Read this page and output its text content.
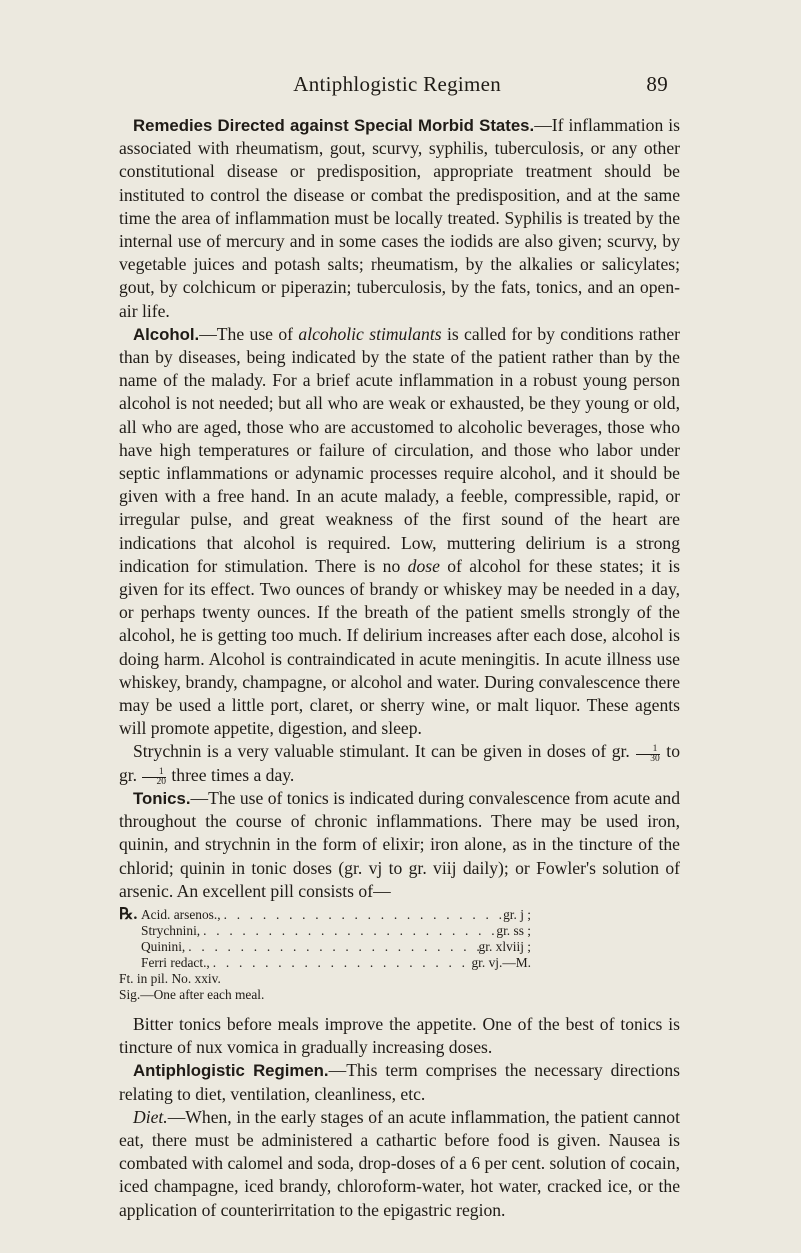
Antiphlogistic Regimen	89

Remedies Directed against Special Morbid States.—If inflammation is associated with rheumatism, gout, scurvy, syphilis, tuberculosis, or any other constitutional disease or predisposition, appropriate treatment should be instituted to control the disease or combat the predisposition, and at the same time the area of inflammation must be locally treated. Syphilis is treated by the internal use of mercury and in some cases the iodids are also given; scurvy, by vegetable juices and potash salts; rheumatism, by the alkalies or salicylates; gout, by colchicum or piperazin; tuberculosis, by the fats, tonics, and an open-air life.

Alcohol.—The use of alcoholic stimulants is called for by conditions rather than by diseases, being indicated by the state of the patient rather than by the name of the malady. For a brief acute inflammation in a robust young person alcohol is not needed; but all who are weak or exhausted, be they young or old, all who are aged, those who are accustomed to alcoholic beverages, those who have high temperatures or failure of circulation, and those who labor under septic inflammations or adynamic processes require alcohol, and it should be given with a free hand. In an acute malady, a feeble, compressible, rapid, or irregular pulse, and great weakness of the first sound of the heart are indications that alcohol is required. Low, muttering delirium is a strong indication for stimulation. There is no dose of alcohol for these states; it is given for its effect. Two ounces of brandy or whiskey may be needed in a day, or perhaps twenty ounces. If the breath of the patient smells strongly of the alcohol, he is getting too much. If delirium increases after each dose, alcohol is doing harm. Alcohol is contraindicated in acute meningitis. In acute illness use whiskey, brandy, champagne, or alcohol and water. During convalescence there may be used a little port, claret, or sherry wine, or malt liquor. These agents will promote appetite, digestion, and sleep.

Strychnin is a very valuable stimulant. It can be given in doses of gr. $\frac{1}{30}$ to gr. $\frac{1}{20}$ three times a day.

Tonics.—The use of tonics is indicated during convalescence from acute and throughout the course of chronic inflammations. There may be used iron, quinin, and strychnin in the form of elixir; iron alone, as in the tincture of the chlorid; quinin in tonic doses (gr. vj to gr. viij daily); or Fowler's solution of arsenic. An excellent pill consists of—

℞. Acid. arsenos., . . .	gr. j ;
Strychnini, . . .	gr. ss ;
Quinini, . . .	gr. xlviij ;
Ferri redact., . . .	gr. vj.—M.
Ft. in pil. No. xxiv.
Sig.—One after each meal.

Bitter tonics before meals improve the appetite. One of the best of tonics is tincture of nux vomica in gradually increasing doses.

Antiphlogistic Regimen.—This term comprises the necessary directions relating to diet, ventilation, cleanliness, etc.

Diet.—When, in the early stages of an acute inflammation, the patient cannot eat, there must be administered a cathartic before food is given. Nausea is combated with calomel and soda, drop-doses of a 6 per cent. solution of cocain, iced champagne, iced brandy, chloroform-water, hot water, cracked ice, or the application of counterirritation to the epigastric region.
